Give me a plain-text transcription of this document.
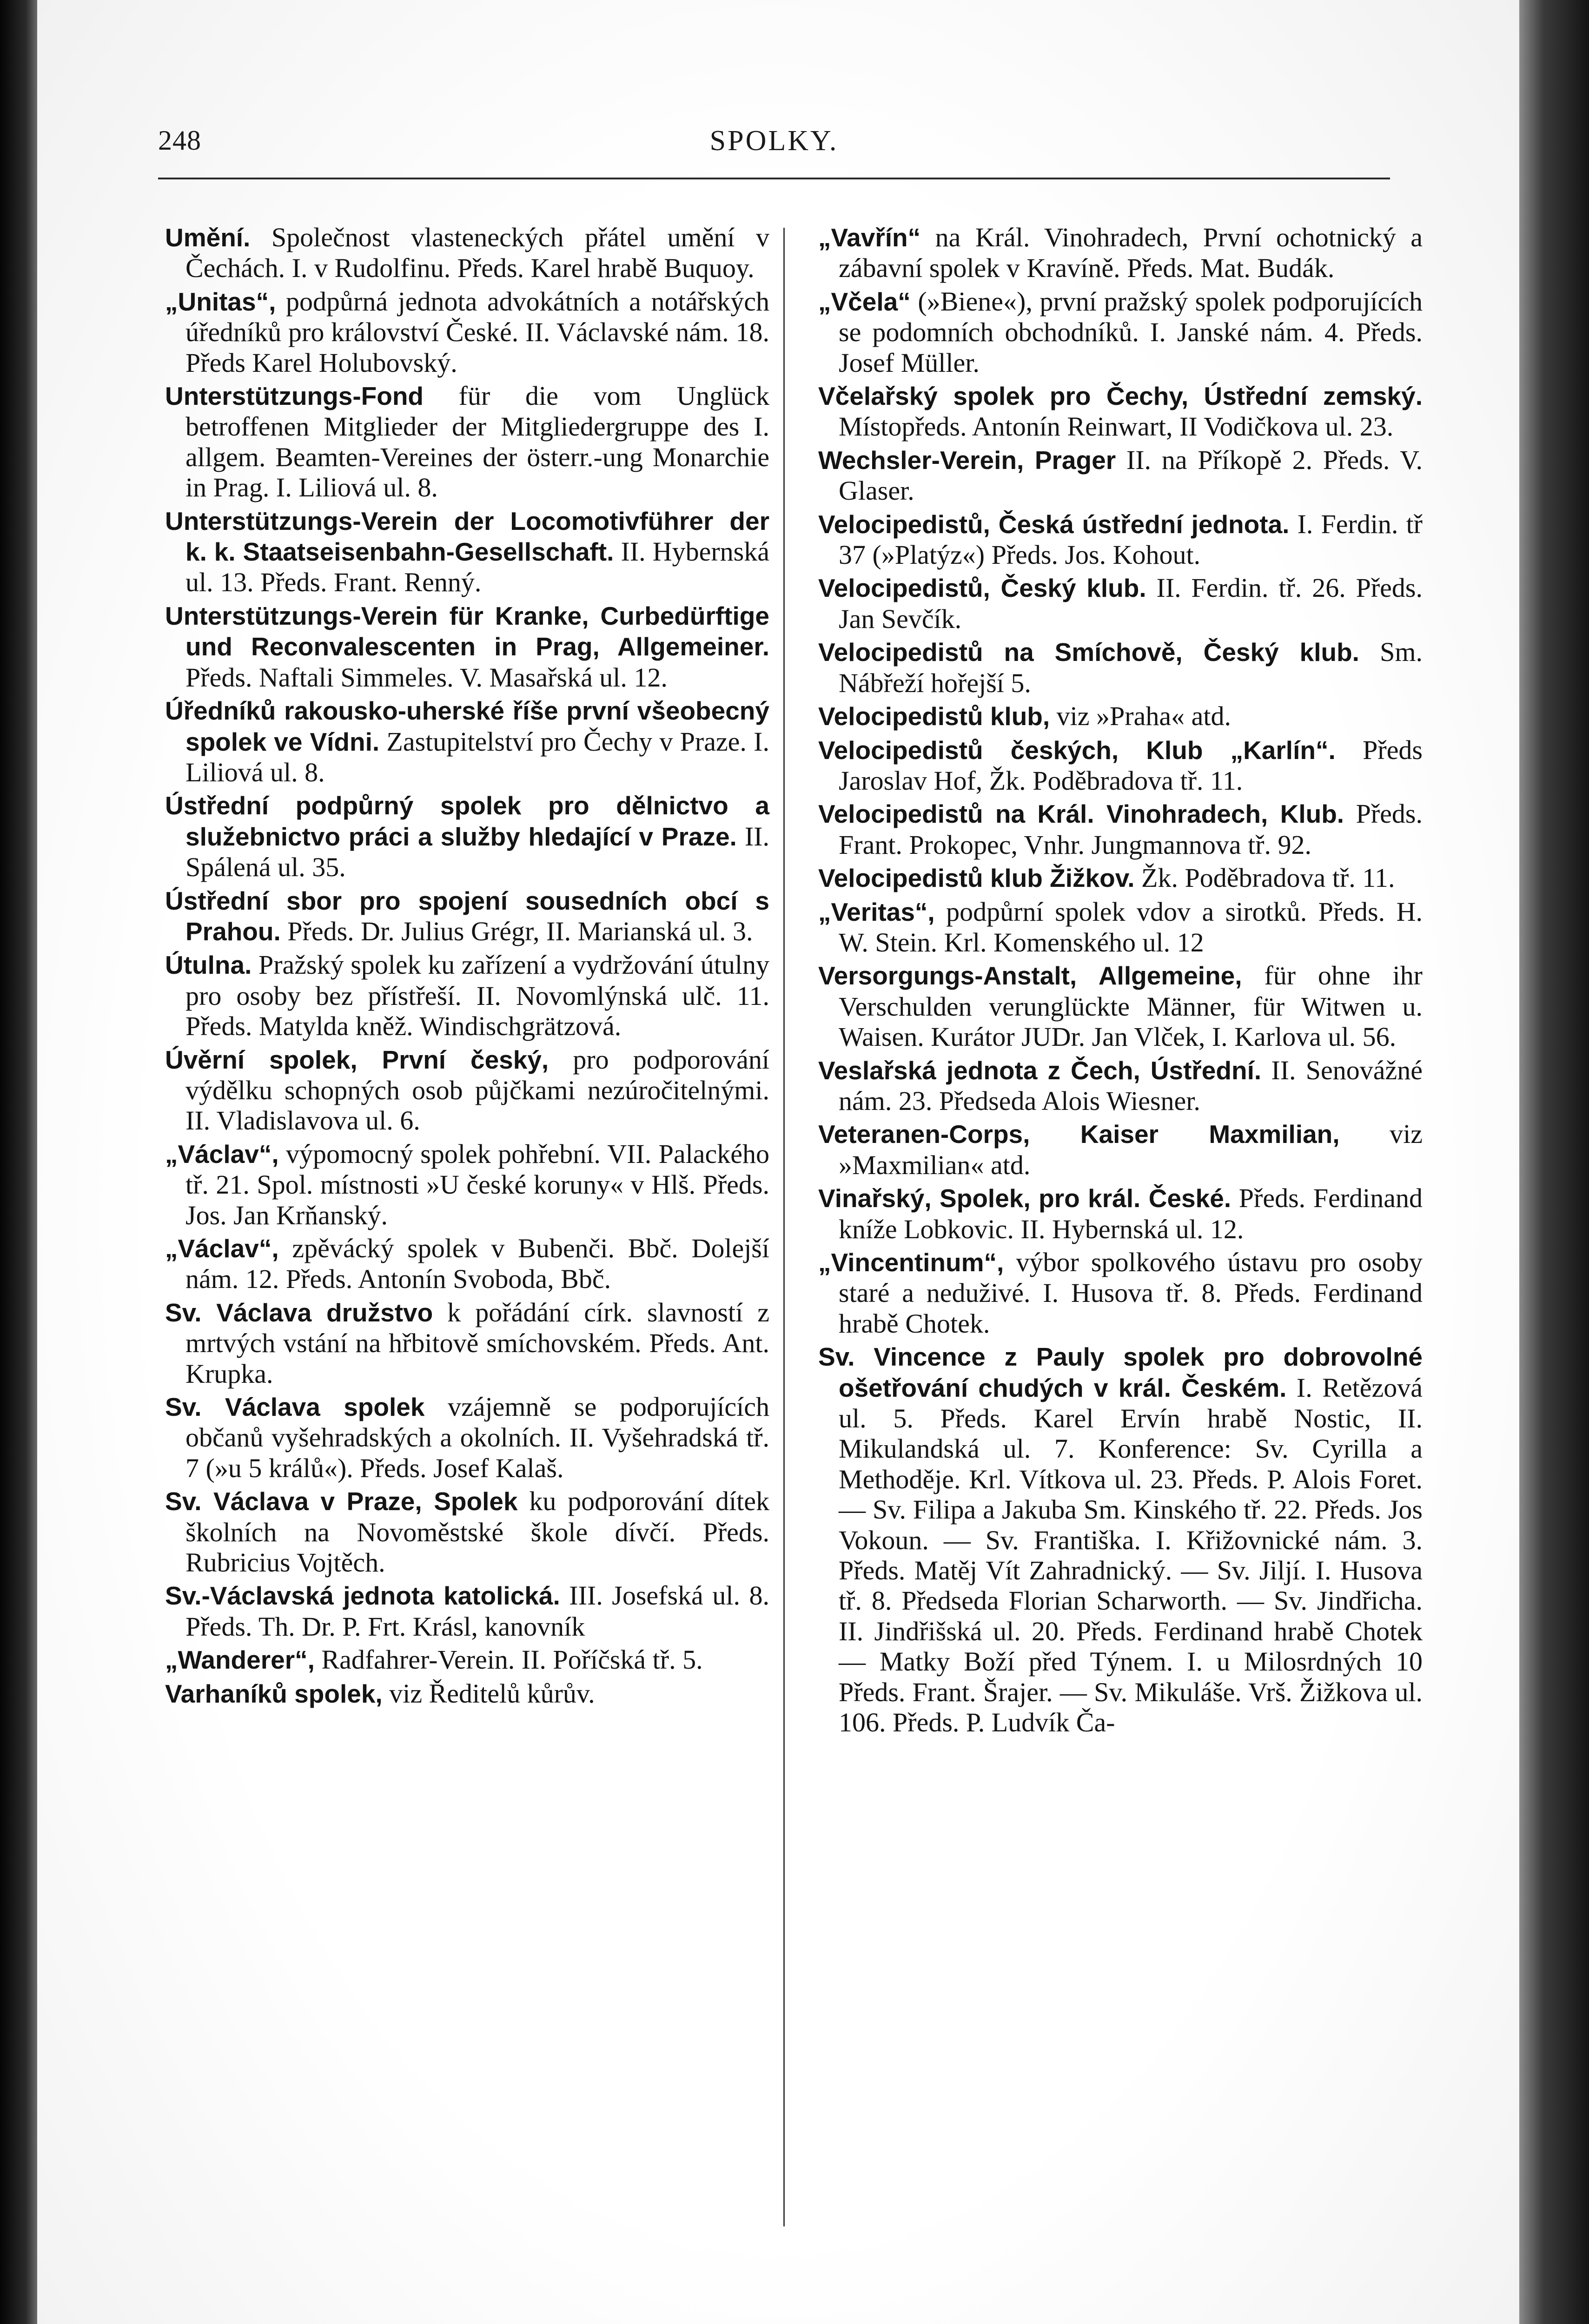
248	SPOLKY.

Umění. Společnost vlasteneckých přátel umění v Čechách. I. v Rudolfinu. Předs. Karel hrabě Buquoy.

„Unitas“, podpůrná jednota advokátních a notářských úředníků pro království České. II. Václavské nám. 18. Předs Karel Holubovský.

Unterstützungs-Fond für die vom Unglück betroffenen Mitglieder der Mitgliedergruppe des I. allgem. Beamten-Vereines der österr.-ung Monarchie in Prag. I. Liliová ul. 8.

Unterstützungs-Verein der Locomotivführer der k. k. Staatseisenbahn-Gesellschaft. II. Hybernská ul. 13. Předs. Frant. Renný.

Unterstützungs-Verein für Kranke, Curbedürftige und Reconvalescenten in Prag, Allgemeiner. Předs. Naftali Simmeles. V. Masařská ul. 12.

Úředníků rakousko-uherské říše první všeobecný spolek ve Vídni. Zastupitelství pro Čechy v Praze. I. Liliová ul. 8.

Ústřední podpůrný spolek pro dělnictvo a služebnictvo práci a služby hledající v Praze. II. Spálená ul. 35.

Ústřední sbor pro spojení sousedních obcí s Prahou. Předs. Dr. Julius Grégr, II. Marianská ul. 3.

Útulna. Pražský spolek ku zařízení a vydržování útulny pro osoby bez přístřeší. II. Novomlýnská ulč. 11. Předs. Matylda kněž. Windischgrätzová.

Úvěrní spolek, První český, pro podporování výdělku schopných osob půjčkami nezúročitelnými. II. Vladislavova ul. 6.

„Václav“, výpomocný spolek pohřební. VII. Palackého tř. 21. Spol. místnosti »U české koruny« v Hlš. Předs. Jos. Jan Krňanský.

„Václav“, zpěvácký spolek v Bubenči. Bbč. Dolejší nám. 12. Předs. Antonín Svoboda, Bbč.

Sv. Václava družstvo k pořádání círk. slavností z mrtvých vstání na hřbitově smíchovském. Předs. Ant. Krupka.

Sv. Václava spolek vzájemně se podporujících občanů vyšehradských a okolních. II. Vyšehradská tř. 7 (»u 5 králů«). Předs. Josef Kalaš.

Sv. Václava v Praze, Spolek ku podporování dítek školních na Novoměstské škole dívčí. Předs. Rubricius Vojtěch.

Sv.-Václavská jednota katolická. III. Josefská ul. 8. Předs. Th. Dr. P. Frt. Krásl, kanovník

„Wanderer“, Radfahrer-Verein. II. Poříčská tř. 5.

Varhaníků spolek, viz Ředitelů kůrův.

„Vavřín“ na Král. Vinohradech, První ochotnický a zábavní spolek v Kravíně. Předs. Mat. Budák.

„Včela“ (»Biene«), první pražský spolek podporujících se podomních obchodníků. I. Janské nám. 4. Předs. Josef Müller.

Včelařský spolek pro Čechy, Ústřední zemský. Místopředs. Antonín Reinwart, II Vodičkova ul. 23.

Wechsler-Verein, Prager II. na Příkopě 2. Předs. V. Glaser.

Velocipedistů, Česká ústřední jednota. I. Ferdin. tř 37 (»Platýz«) Předs. Jos. Kohout.

Velocipedistů, Český klub. II. Ferdin. tř. 26. Předs. Jan Sevčík.

Velocipedistů na Smíchově, Český klub. Sm. Nábřeží hořejší 5.

Velocipedistů klub, viz »Praha« atd.

Velocipedistů českých, Klub „Karlín“. Předs Jaroslav Hof, Žk. Poděbradova tř. 11.

Velocipedistů na Král. Vinohradech, Klub. Předs. Frant. Prokopec, Vnhr. Jungmannova tř. 92.

Velocipedistů klub Žižkov. Žk. Poděbradova tř. 11.

„Veritas“, podpůrní spolek vdov a sirotků. Předs. H. W. Stein. Krl. Komenského ul. 12

Versorgungs-Anstalt, Allgemeine, für ohne ihr Verschulden verunglückte Männer, für Witwen u. Waisen. Kurátor JUDr. Jan Vlček, I. Karlova ul. 56.

Veslařská jednota z Čech, Ústřední. II. Senovážné nám. 23. Předseda Alois Wiesner.

Veteranen-Corps, Kaiser Maxmilian, viz »Maxmilian« atd.

Vinařský, Spolek, pro král. České. Předs. Ferdinand kníže Lobkovic. II. Hybernská ul. 12.

„Vincentinum“, výbor spolkového ústavu pro osoby staré a neduživé. I. Husova tř. 8. Předs. Ferdinand hrabě Chotek.

Sv. Vincence z Pauly spolek pro dobrovolné ošetřování chudých v král. Českém. I. Retězová ul. 5. Předs. Karel Ervín hrabě Nostic, II. Mikulandská ul. 7. Konference: Sv. Cyrilla a Methoděje. Krl. Vítkova ul. 23. Předs. P. Alois Foret. — Sv. Filipa a Jakuba Sm. Kinského tř. 22. Předs. Jos Vokoun. — Sv. Františka. I. Křižovnické nám. 3. Předs. Matěj Vít Zahradnický. — Sv. Jiljí. I. Husova tř. 8. Předseda Florian Scharworth. — Sv. Jindřicha. II. Jindřišská ul. 20. Předs. Ferdinand hrabě Chotek — Matky Boží před Týnem. I. u Milosrdných 10 Předs. Frant. Šrajer. — Sv. Mikuláše. Vrš. Žižkova ul. 106. Předs. P. Ludvík Ča-
